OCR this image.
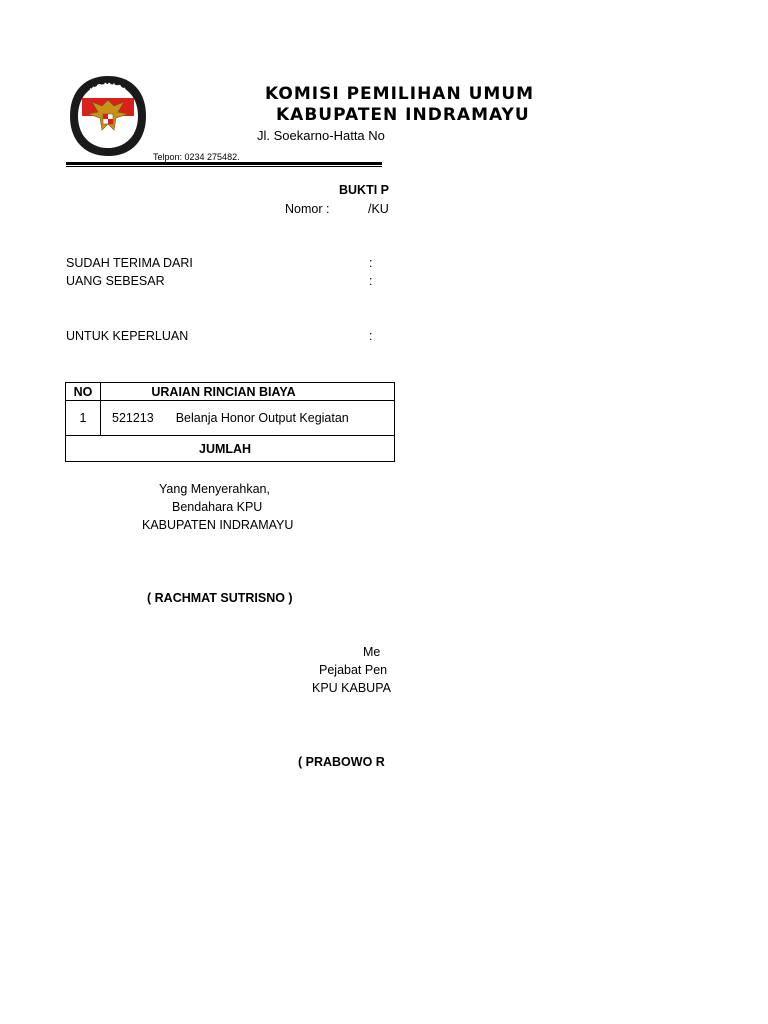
KOMISI
PEMILIHAN UMUM
KOMISI PEMILIHAN UMUM
KABUPATEN INDRAMAYU
Jl. Soekarno-Hatta No
Telpon: 0234 275482.
BUKTI P
Nomor :	/KU
SUDAH TERIMA DARI	:
UANG SEBESAR	:
UNTUK KEPERLUAN	:
NO	URAIAN RINCIAN BIAYA
1	521213 Belanja Honor Output Kegiatan
JUMLAH	
Yang Menyerahkan,
Bendahara KPU
KABUPATEN INDRAMAYU
( RACHMAT SUTRISNO )
Me
Pejabat Pen
KPU KABUPA
( PRABOWO R
